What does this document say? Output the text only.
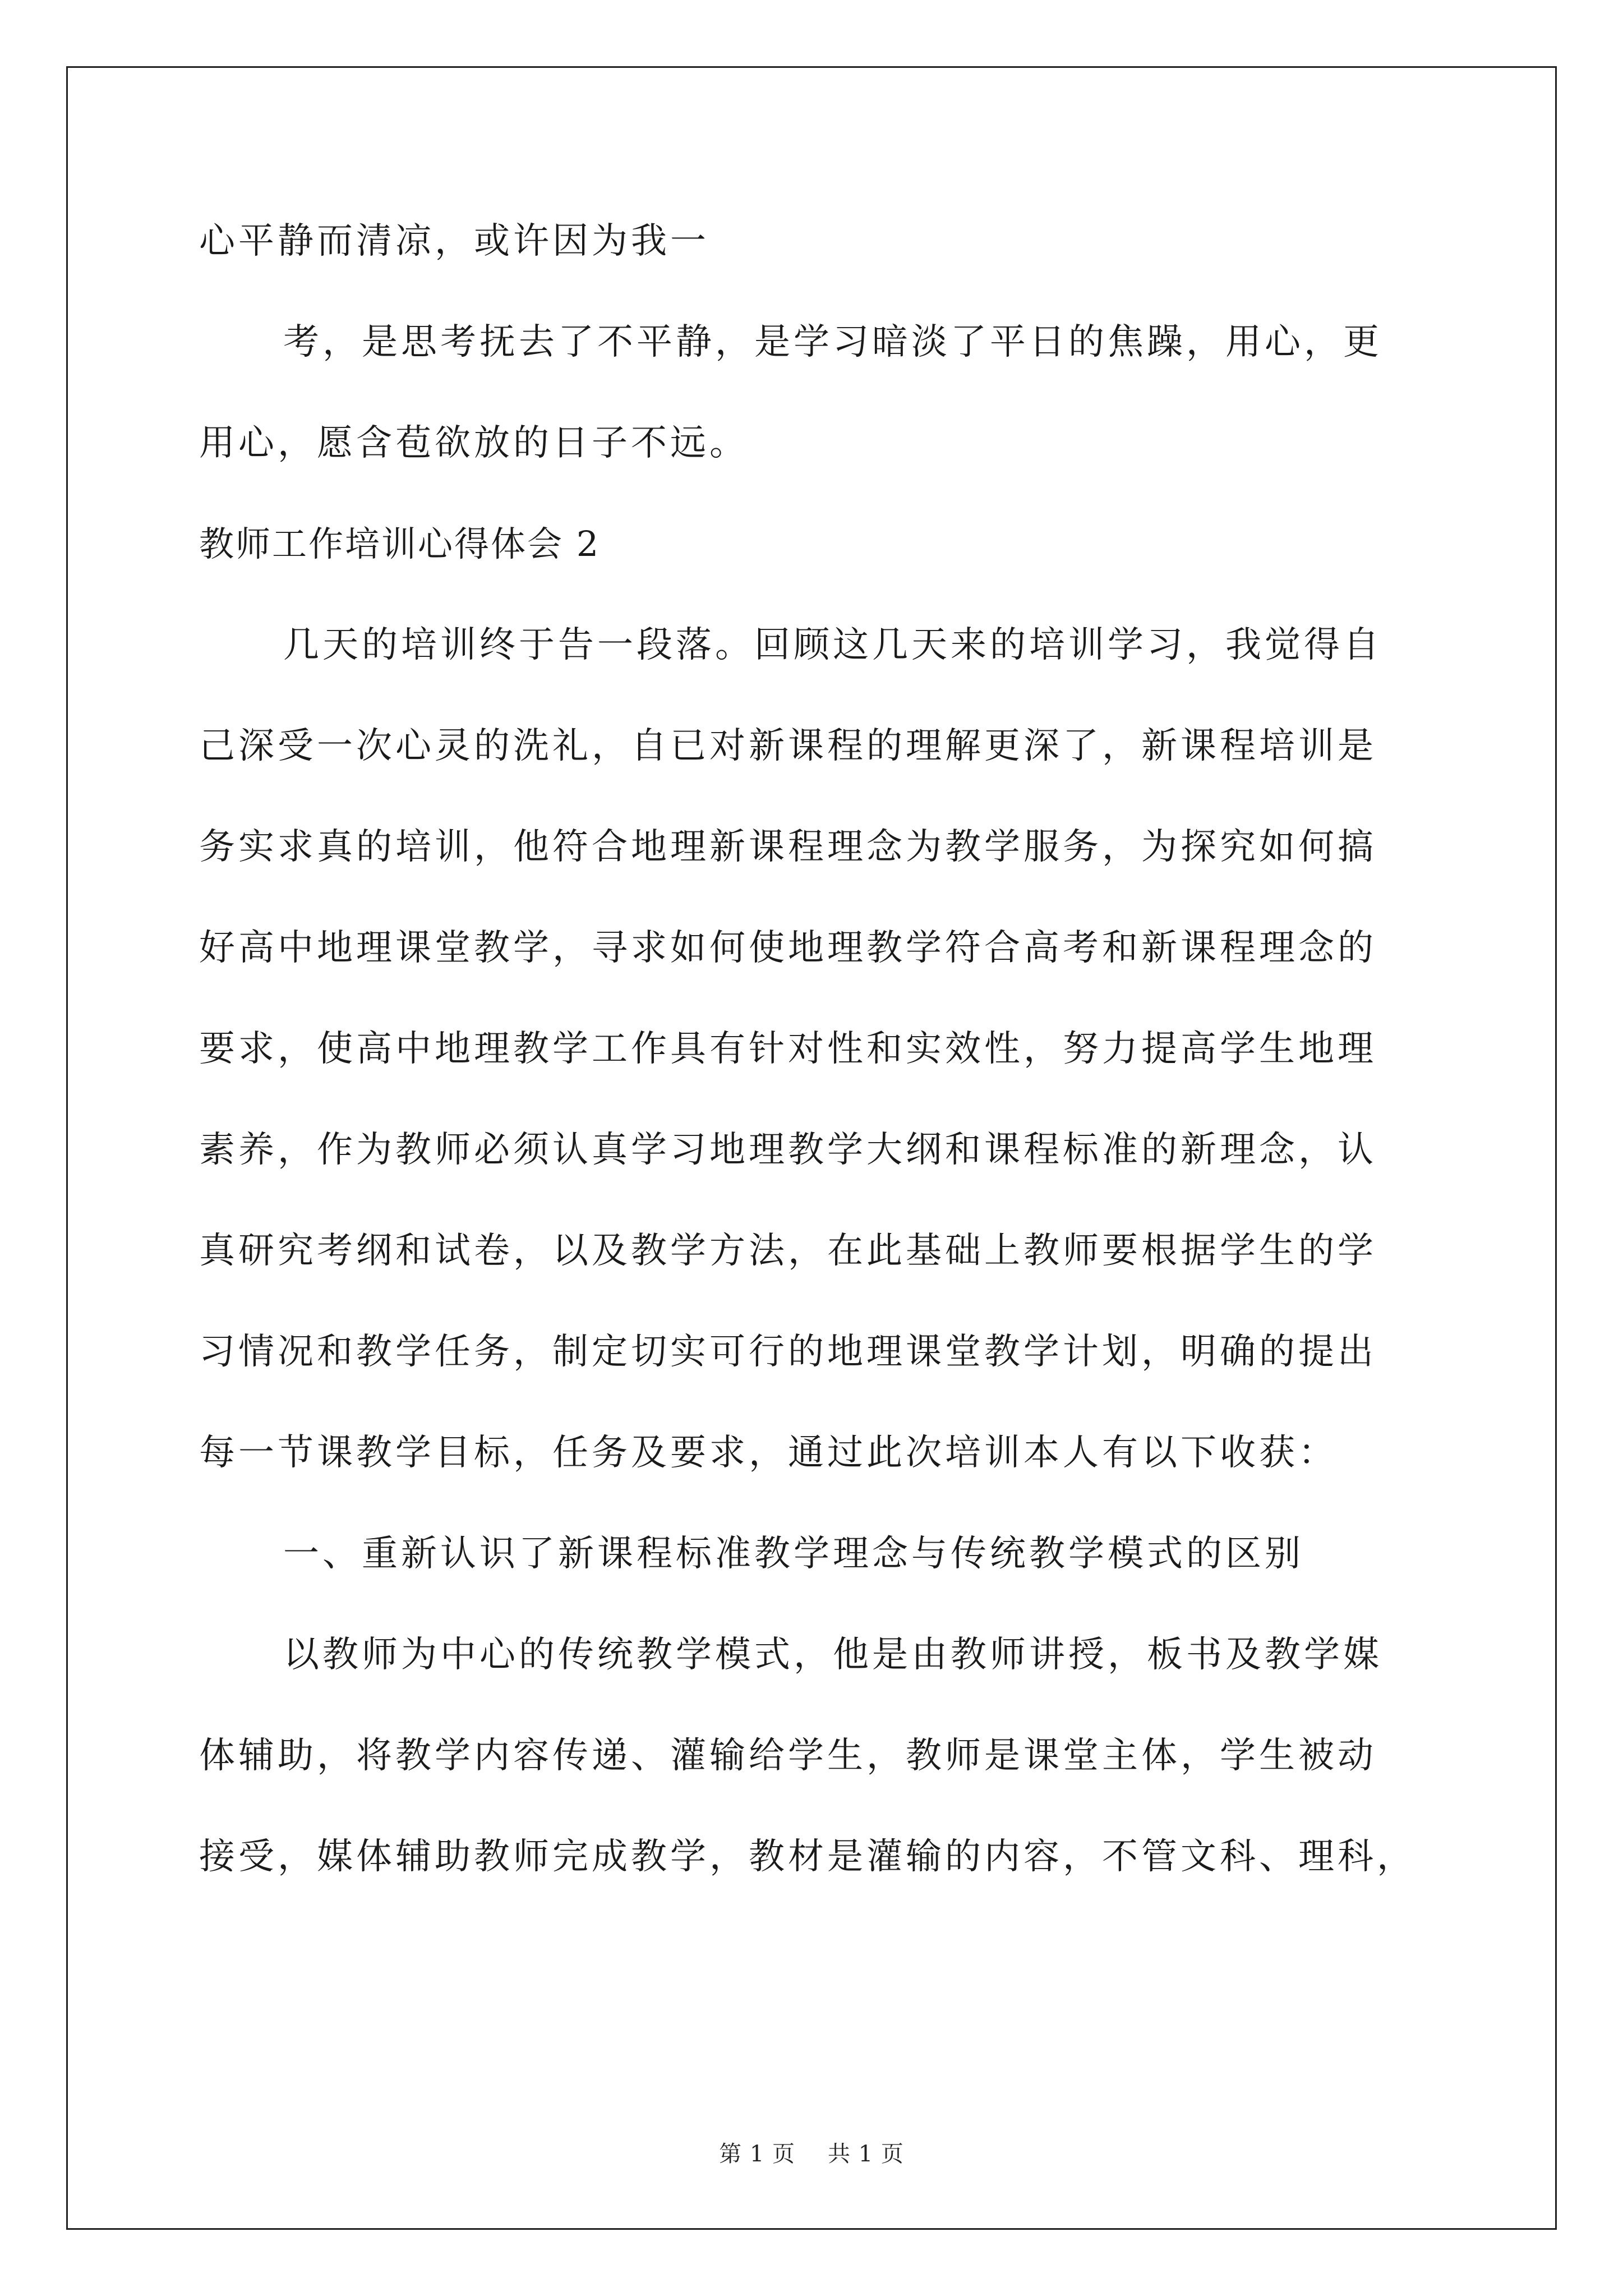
心平静而清凉，或许因为我一

考，是思考抚去了不平静，是学习暗淡了平日的焦躁，用心，更

用心，愿含苞欲放的日子不远。

教师工作培训心得体会 2

几天的培训终于告一段落。回顾这几天来的培训学习，我觉得自

己深受一次心灵的洗礼，自已对新课程的理解更深了，新课程培训是

务实求真的培训，他符合地理新课程理念为教学服务，为探究如何搞

好高中地理课堂教学，寻求如何使地理教学符合高考和新课程理念的

要求，使高中地理教学工作具有针对性和实效性，努力提高学生地理

素养，作为教师必须认真学习地理教学大纲和课程标准的新理念，认

真研究考纲和试卷，以及教学方法，在此基础上教师要根据学生的学

习情况和教学任务，制定切实可行的地理课堂教学计划，明确的提出

每一节课教学目标，任务及要求，通过此次培训本人有以下收获：

一、重新认识了新课程标准教学理念与传统教学模式的区别

以教师为中心的传统教学模式，他是由教师讲授，板书及教学媒

体辅助，将教学内容传递、灌输给学生，教师是课堂主体，学生被动

接受，媒体辅助教师完成教学，教材是灌输的内容，不管文科、理科，

第 1 页 共 1 页
